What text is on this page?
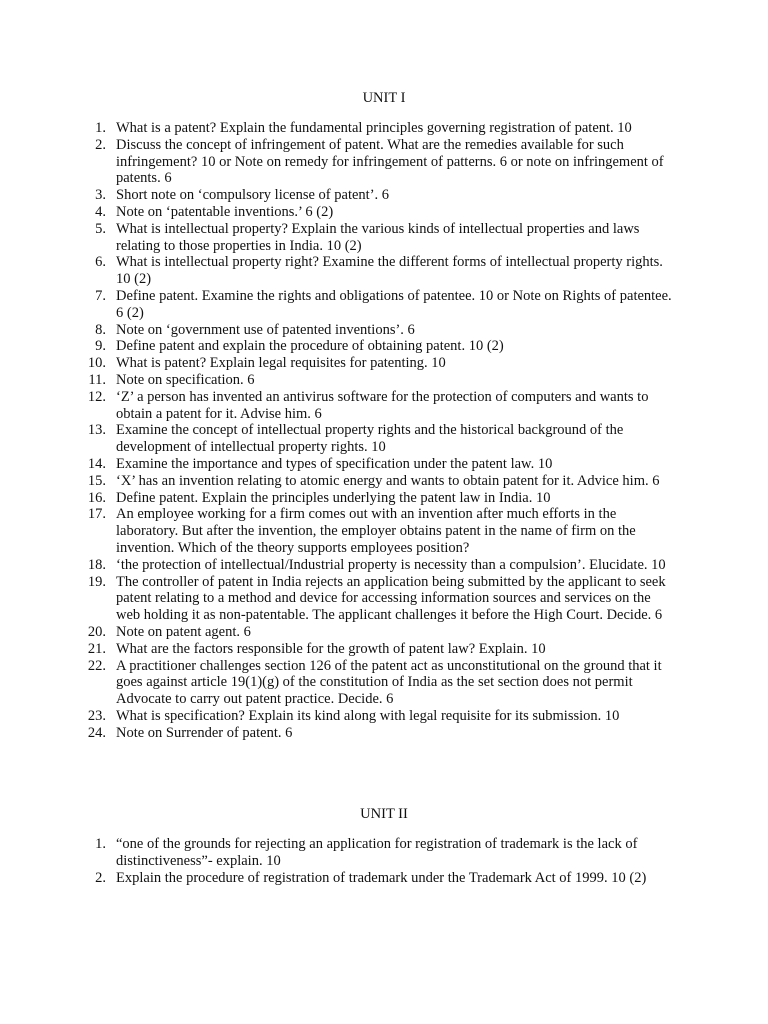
UNIT I
1 . What is a patent? Explain the fundamental principles governing registration of patent. 10
2 . Discuss the concept of infringement of patent. What are the remedies available for such infringement? 10 or Note on remedy for infringement of patterns. 6 or note on infringement of patents. 6
3 . Short note on ‘compulsory license of patent’. 6
4 . Note on ‘patentable inventions.’ 6 (2)
5 . What is intellectual property? Explain the various kinds of intellectual properties and laws relating to those properties in India. 10 (2)
6 . What is intellectual property right? Examine the different forms of intellectual property rights. 10 (2)
7 . Define patent. Examine the rights and obligations of patentee. 10 or Note on Rights of patentee. 6 (2)
8 . Note on ‘government use of patented inventions’. 6
9 . Define patent and explain the procedure of obtaining patent. 10 (2)
10 . What is patent? Explain legal requisites for patenting. 10
11 . Note on specification. 6
12 . ‘Z’ a person has invented an antivirus software for the protection of computers and wants to obtain a patent for it. Advise him. 6
13 . Examine the concept of intellectual property rights and the historical background of the development of intellectual property rights. 10
14 . Examine the importance and types of specification under the patent law. 10
15 . ‘X’ has an invention relating to atomic energy and wants to obtain patent for it. Advice him. 6
16 . Define patent. Explain the principles underlying the patent law in India. 10
17 . An employee working for a firm comes out with an invention after much efforts in the laboratory. But after the invention, the employer obtains patent in the name of firm on the invention. Which of the theory supports employees position?
18 . ‘the protection of intellectual/Industrial property is necessity than a compulsion’. Elucidate. 10
19 . The controller of patent in India rejects an application being submitted by the applicant to seek patent relating to a method and device for accessing information sources and services on the web holding it as non-patentable. The applicant challenges it before the High Court. Decide. 6
20 . Note on patent agent. 6
21 . What are the factors responsible for the growth of patent law? Explain. 10
22 . A practitioner challenges section 126 of the patent act as unconstitutional on the ground that it goes against article 19(1)(g) of the constitution of India as the set section does not permit Advocate to carry out patent practice. Decide. 6
23 . What is specification? Explain its kind along with legal requisite for its submission. 10
24 . Note on Surrender of patent. 6
UNIT II
1 . “one of the grounds for rejecting an application for registration of trademark is the lack of distinctiveness”- explain. 10
2 . Explain the procedure of registration of trademark under the Trademark Act of 1999. 10 (2)
